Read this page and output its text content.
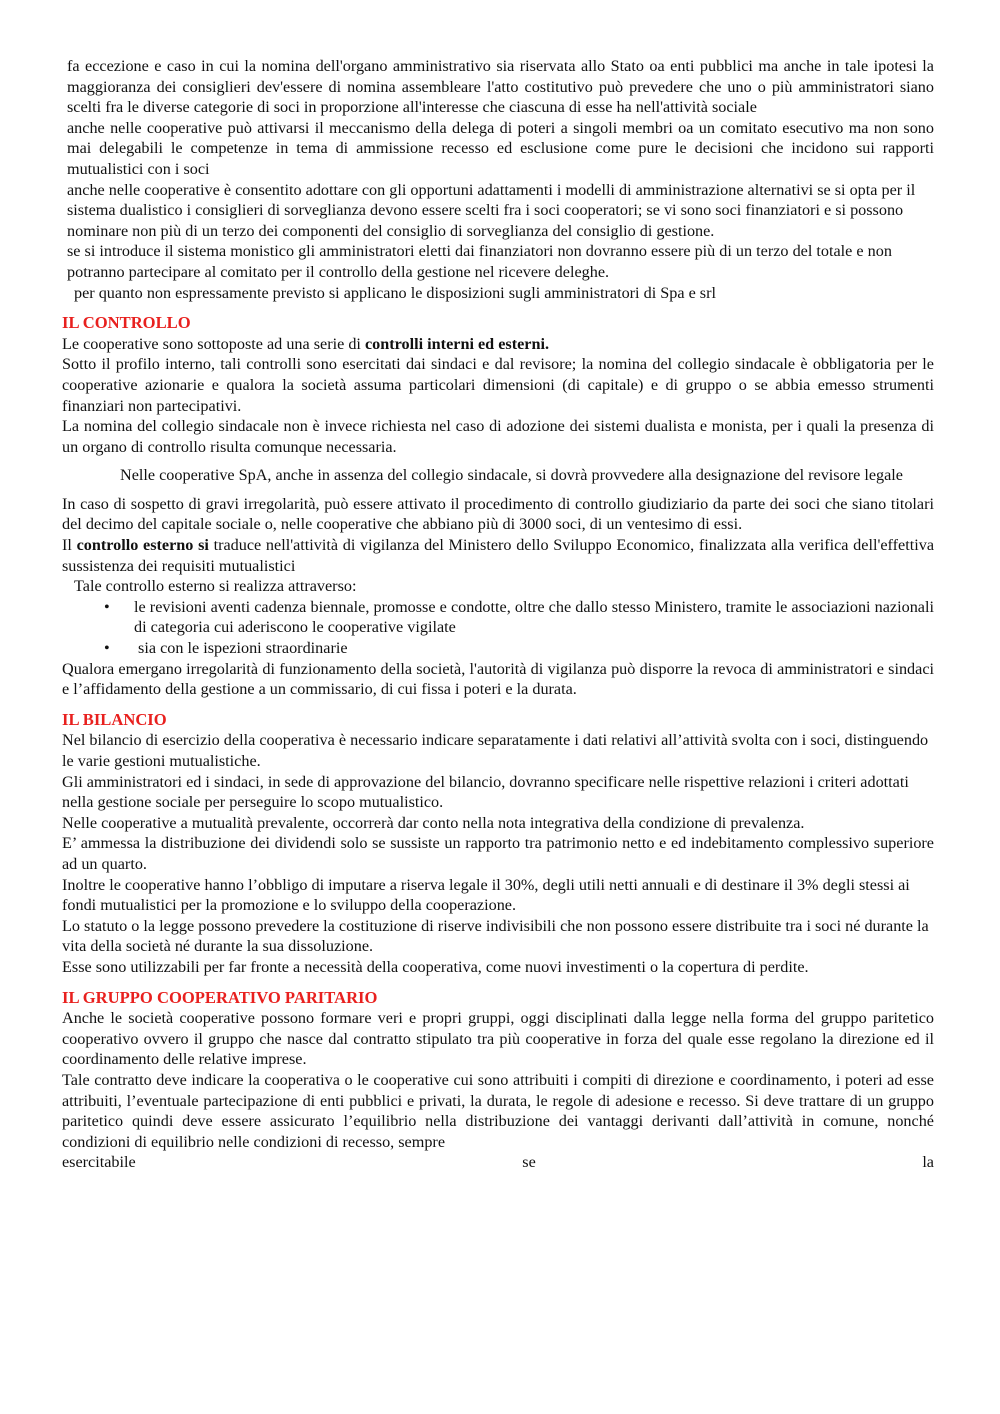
fa eccezione e caso in cui la nomina dell'organo amministrativo sia riservata allo Stato oa enti pubblici ma anche in tale ipotesi la maggioranza dei consiglieri dev'essere di nomina assembleare l'atto costitutivo può prevedere che uno o più amministratori siano scelti fra le diverse categorie di soci in proporzione all'interesse che ciascuna di esse ha nell'attività sociale

anche nelle cooperative può attivarsi il meccanismo della delega di poteri a singoli membri oa un comitato esecutivo ma non sono mai delegabili le competenze in tema di ammissione recesso ed esclusione come pure le decisioni che incidono sui rapporti mutualistici con i soci

anche nelle cooperative è consentito adottare con gli opportuni adattamenti i modelli di amministrazione alternativi se si opta per il sistema dualistico i consiglieri di sorveglianza devono essere scelti fra i soci cooperatori; se vi sono soci finanziatori e si possono nominare non più di un terzo dei componenti del consiglio di sorveglianza del consiglio di gestione.

se si introduce il sistema monistico gli amministratori eletti dai finanziatori non dovranno essere più di un terzo del totale e non potranno partecipare al comitato per il controllo della gestione nel ricevere deleghe.

per quanto non espressamente previsto si applicano le disposizioni sugli amministratori di Spa e srl

IL CONTROLLO

Le cooperative sono sottoposte ad una serie di controlli interni ed esterni.

Sotto il profilo interno, tali controlli sono esercitati dai sindaci e dal revisore; la nomina del collegio sindacale è obbligatoria per le cooperative azionarie e qualora la società assuma particolari dimensioni (di capitale) e di gruppo o se abbia emesso strumenti finanziari non partecipativi.

La nomina del collegio sindacale non è invece richiesta nel caso di adozione dei sistemi dualista e monista, per i quali la presenza di un organo di controllo risulta comunque necessaria.

Nelle cooperative SpA, anche in assenza del collegio sindacale, si dovrà provvedere alla designazione del revisore legale

In caso di sospetto di gravi irregolarità, può essere attivato il procedimento di controllo giudiziario da parte dei soci che siano titolari del decimo del capitale sociale o, nelle cooperative che abbiano più di 3000 soci, di un ventesimo di essi.

Il controllo esterno si traduce nell'attività di vigilanza del Ministero dello Sviluppo Economico, finalizzata alla verifica dell'effettiva sussistenza dei requisiti mutualistici

Tale controllo esterno si realizza attraverso:

• le revisioni aventi cadenza biennale, promosse e condotte, oltre che dallo stesso Ministero, tramite le associazioni nazionali di categoria cui aderiscono le cooperative vigilate
• sia con le ispezioni straordinarie

Qualora emergano irregolarità di funzionamento della società, l'autorità di vigilanza può disporre la revoca di amministratori e sindaci e l’affidamento della gestione a un commissario, di cui fissa i poteri e la durata.

IL BILANCIO

Nel bilancio di esercizio della cooperativa è necessario indicare separatamente i dati relativi all’attività svolta con i soci, distinguendo le varie gestioni mutualistiche.

Gli amministratori ed i sindaci, in sede di approvazione del bilancio, dovranno specificare nelle rispettive relazioni i criteri adottati nella gestione sociale per perseguire lo scopo mutualistico.

Nelle cooperative a mutualità prevalente, occorrerà dar conto nella nota integrativa della condizione di prevalenza.

E’ ammessa la distribuzione dei dividendi solo se sussiste un rapporto tra patrimonio netto e ed indebitamento complessivo superiore ad un quarto.

Inoltre le cooperative hanno l’obbligo di imputare a riserva legale il 30%, degli utili netti annuali e di destinare il 3% degli stessi ai fondi mutualistici per la promozione e lo sviluppo della cooperazione.

Lo statuto o la legge possono prevedere la costituzione di riserve indivisibili che non possono essere distribuite tra i soci né durante la vita della società né durante la sua dissoluzione.

Esse sono utilizzabili per far fronte a necessità della cooperativa, come nuovi investimenti o la copertura di perdite.

IL GRUPPO COOPERATIVO PARITARIO

Anche le società cooperative possono formare veri e propri gruppi, oggi disciplinati dalla legge nella forma del gruppo paritetico cooperativo ovvero il gruppo che nasce dal contratto stipulato tra più cooperative in forza del quale esse regolano la direzione ed il coordinamento delle relative imprese.

Tale contratto deve indicare la cooperativa o le cooperative cui sono attribuiti i compiti di direzione e coordinamento, i poteri ad esse attribuiti, l’eventuale partecipazione di enti pubblici e privati, la durata, le regole di adesione e recesso. Si deve trattare di un gruppo paritetico quindi deve essere assicurato l’equilibrio nella distribuzione dei vantaggi derivanti dall’attività in comune, nonché condizioni di equilibrio nelle condizioni di recesso, sempre

esercitabile	se	la
